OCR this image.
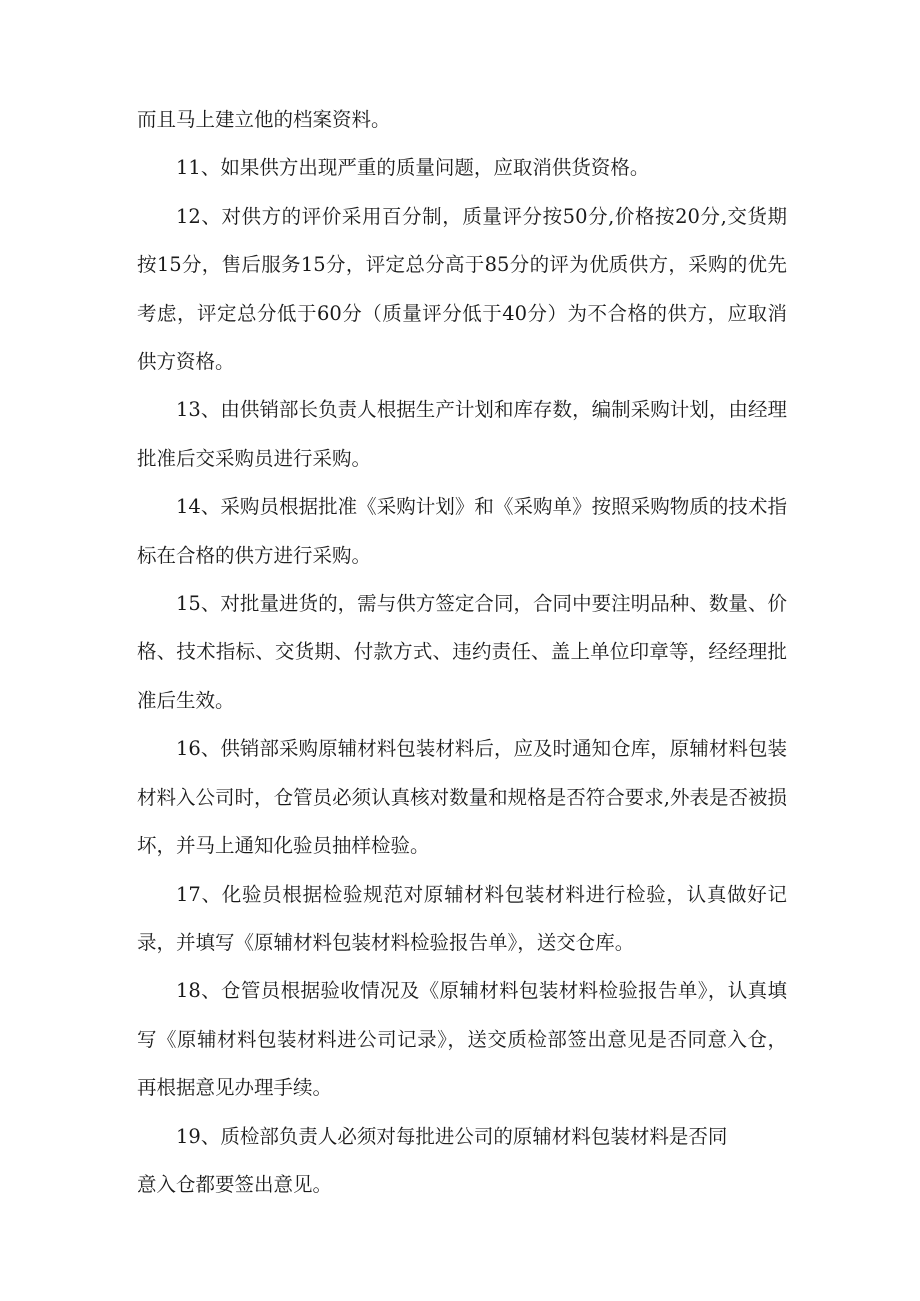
而且马上建立他的档案资料。

11、如果供方出现严重的质量问题，应取消供货资格。

12、对供方的评价采用百分制，质量评分按50分,价格按20分,交货期按15分，售后服务15分，评定总分高于85分的评为优质供方，采购的优先考虑，评定总分低于60分（质量评分低于40分）为不合格的供方，应取消供方资格。

13、由供销部长负责人根据生产计划和库存数，编制采购计划，由经理批准后交采购员进行采购。

14、采购员根据批准《采购计划》和《采购单》按照采购物质的技术指标在合格的供方进行采购。

15、对批量进货的，需与供方签定合同，合同中要注明品种、数量、价格、技术指标、交货期、付款方式、违约责任、盖上单位印章等，经经理批准后生效。

16、供销部采购原辅材料包装材料后，应及时通知仓库，原辅材料包装材料入公司时，仓管员必须认真核对数量和规格是否符合要求,外表是否被损坏，并马上通知化验员抽样检验。

17、化验员根据检验规范对原辅材料包装材料进行检验，认真做好记录，并填写《原辅材料包装材料检验报告单》，送交仓库。

18、仓管员根据验收情况及《原辅材料包装材料检验报告单》，认真填写《原辅材料包装材料进公司记录》，送交质检部签出意见是否同意入仓，再根据意见办理手续。

19、质检部负责人必须对每批进公司的原辅材料包装材料是否同
意入仓都要签出意见。
